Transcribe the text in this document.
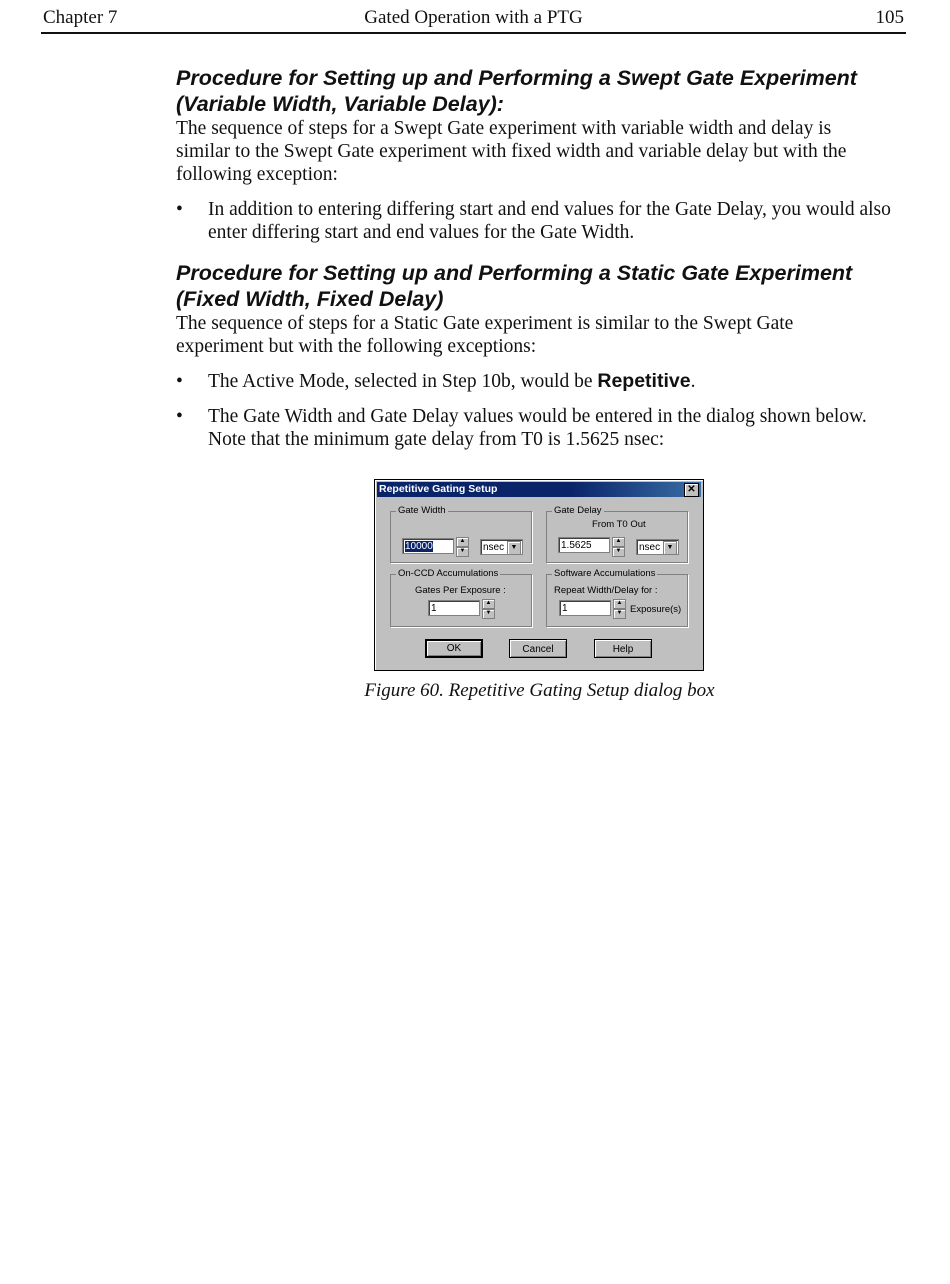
Chapter 7	Gated Operation with a PTG	105
Procedure for Setting up and Performing a Swept Gate Experiment
(Variable Width, Variable Delay):

The sequence of steps for a Swept Gate experiment with variable width and delay is similar to the Swept Gate experiment with fixed width and variable delay but with the following exception:

• In addition to entering differing start and end values for the Gate Delay, you would also enter differing start and end values for the Gate Width.
Procedure for Setting up and Performing a Static Gate Experiment
(Fixed Width, Fixed Delay)

The sequence of steps for a Static Gate experiment is similar to the Swept Gate experiment but with the following exceptions:

• The Active Mode, selected in Step 10b, would be Repetitive.
• The Gate Width and Gate Delay values would be entered in the dialog shown below. Note that the minimum gate delay from T0 is 1.5625 nsec:
Repetitive Gating Setup	✕
Gate Width
10000	▲
▼	nsec ▼
Gate Delay
From T0 Out
1.5625	▲
▼	nsec ▼
On-CCD Accumulations
Gates Per Exposure :
1	▲
▼
Software Accumulations
Repeat Width/Delay for :
1	▲
▼ Exposure(s)
OK	Cancel	Help
Figure 60. Repetitive Gating Setup dialog box
